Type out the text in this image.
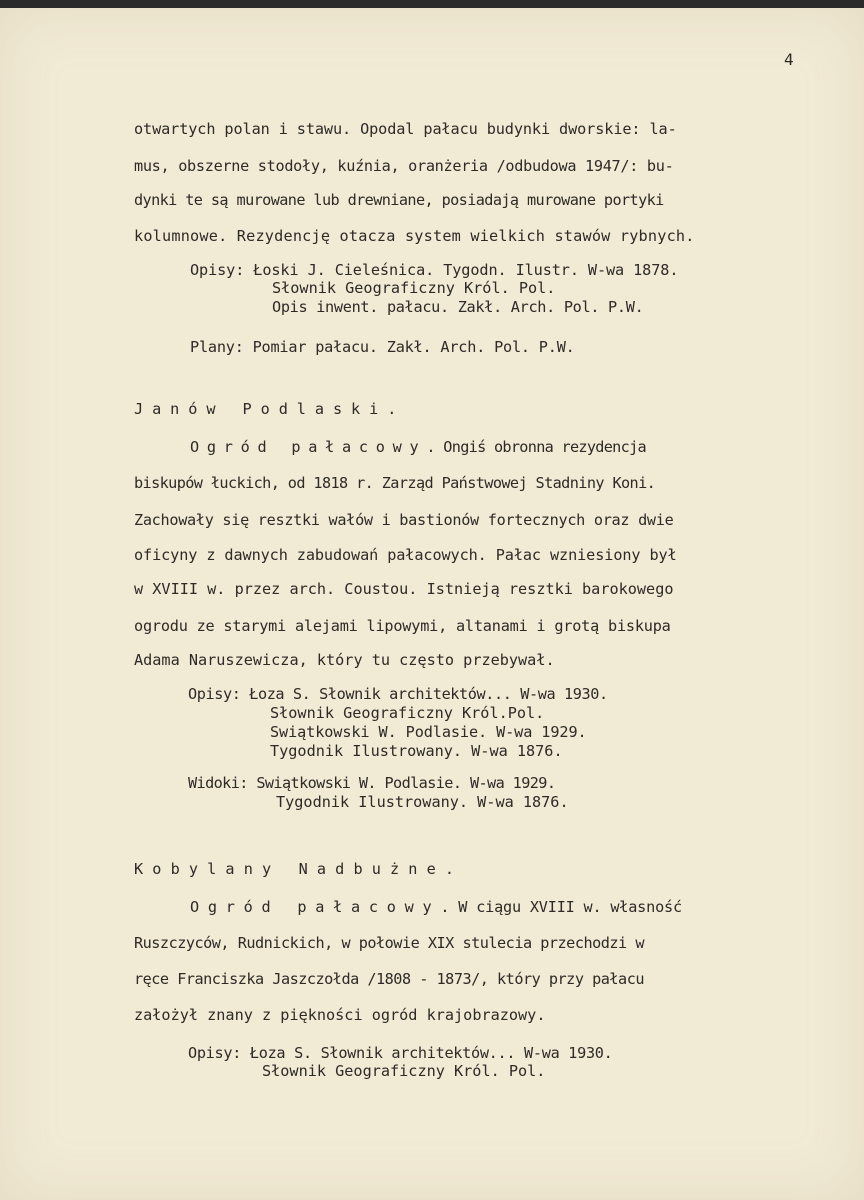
4
otwartych polan i stawu. Opodal pałacu budynki dworskie: la-
mus, obszerne stodoły, kuźnia, oranżeria /odbudowa 1947/: bu-
dynki te są murowane lub drewniane, posiadają murowane portyki
kolumnowe. Rezydencję otacza system wielkich stawów rybnych.
Opisy: Łoski J. Cieleśnica. Tygodn. Ilustr. W-wa 1878.
Słownik Geograficzny Król. Pol.
Opis inwent. pałacu. Zakł. Arch. Pol. P.W.
Plany: Pomiar pałacu. Zakł. Arch. Pol. P.W.
J a n ó w   P o d l a s k i .
O g r ó d   p a ł a c o w y . Ongiś obronna rezydencja
biskupów łuckich, od 1818 r. Zarząd Państwowej Stadniny Koni.
Zachowały się resztki wałów i bastionów fortecznych oraz dwie
oficyny z dawnych zabudowań pałacowych. Pałac wzniesiony był
w XVIII w. przez arch. Coustou. Istnieją resztki barokowego
ogrodu ze starymi alejami lipowymi, altanami i grotą biskupa
Adama Naruszewicza, który tu często przebywał.
Opisy: Łoza S. Słownik architektów... W-wa 1930.
Słownik Geograficzny Król.Pol.
Swiątkowski W. Podlasie. W-wa 1929.
Tygodnik Ilustrowany. W-wa 1876.
Widoki: Swiątkowski W. Podlasie. W-wa 1929.
Tygodnik Ilustrowany. W-wa 1876.
K o b y l a n y   N a d b u ż n e .
O g r ó d   p a ł a c o w y . W ciągu XVIII w. własność
Ruszczyców, Rudnickich, w połowie XIX stulecia przechodzi w
ręce Franciszka Jaszczołda /1808 - 1873/, który przy pałacu
założył znany z piękności ogród krajobrazowy.
Opisy: Łoza S. Słownik architektów... W-wa 1930.
Słownik Geograficzny Król. Pol.
